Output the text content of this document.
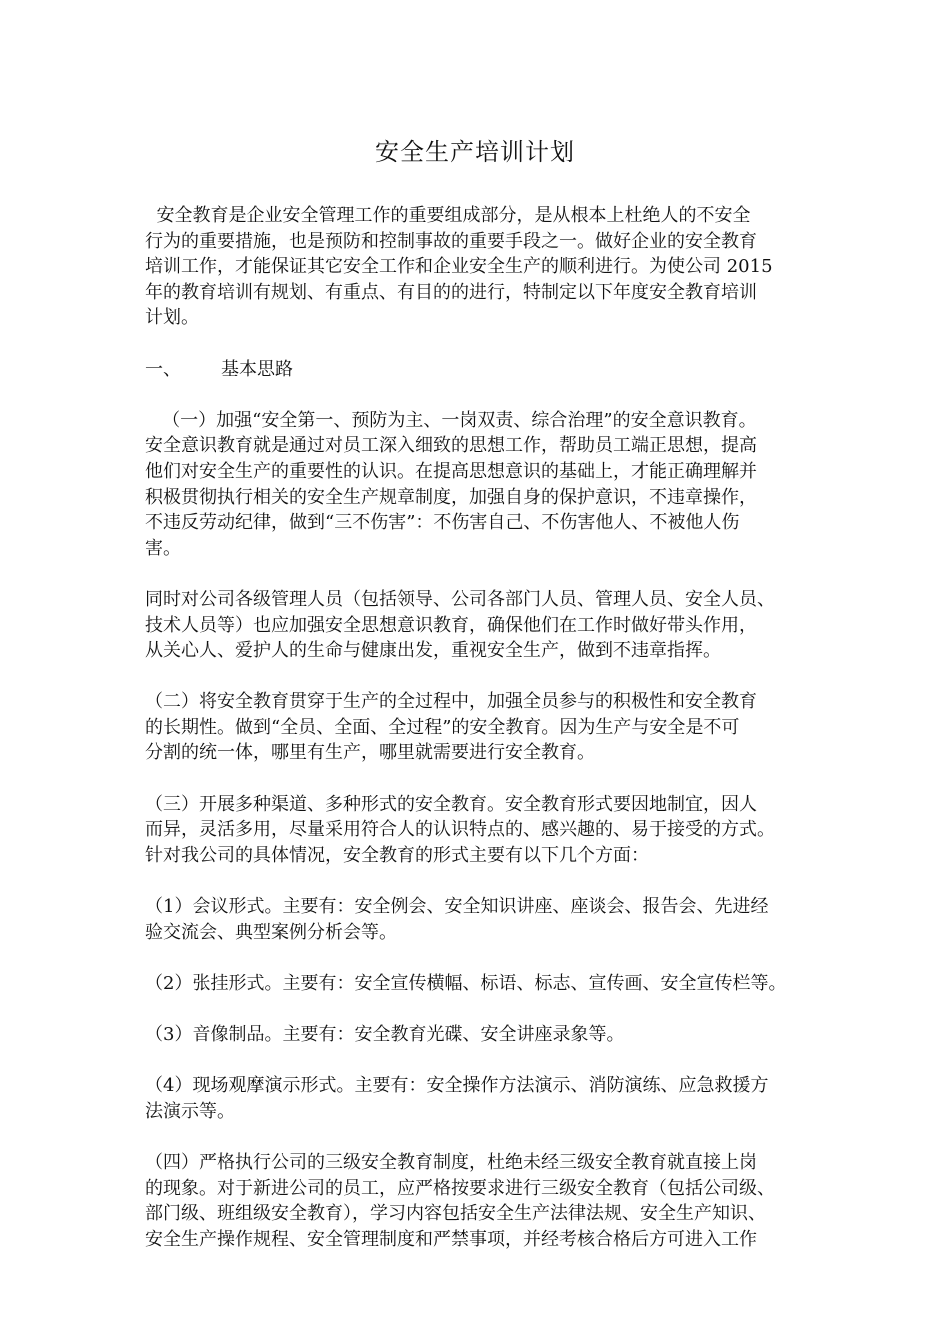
安全生产培训计划

安全教育是企业安全管理工作的重要组成部分，是从根本上杜绝人的不安全

行为的重要措施，也是预防和控制事故的重要手段之一。做好企业的安全教育

培训工作，才能保证其它安全工作和企业安全生产的顺利进行。为使公司 2015

年的教育培训有规划、有重点、有目的的进行，特制定以下年度安全教育培训

计划。

一、	基本思路

（一）加强“安全第一、预防为主、一岗双责、综合治理”的安全意识教育。

安全意识教育就是通过对员工深入细致的思想工作，帮助员工端正思想，提高

他们对安全生产的重要性的认识。在提高思想意识的基础上，才能正确理解并

积极贯彻执行相关的安全生产规章制度，加强自身的保护意识，不违章操作，

不违反劳动纪律，做到“三不伤害”：不伤害自己、不伤害他人、不被他人伤

害。

同时对公司各级管理人员（包括领导、公司各部门人员、管理人员、安全人员、

技术人员等）也应加强安全思想意识教育，确保他们在工作时做好带头作用，

从关心人、爱护人的生命与健康出发，重视安全生产，做到不违章指挥。

（二）将安全教育贯穿于生产的全过程中，加强全员参与的积极性和安全教育

的长期性。做到“全员、全面、全过程”的安全教育。因为生产与安全是不可

分割的统一体，哪里有生产，哪里就需要进行安全教育。

（三）开展多种渠道、多种形式的安全教育。安全教育形式要因地制宜，因人

而异，灵活多用，尽量采用符合人的认识特点的、感兴趣的、易于接受的方式。

针对我公司的具体情况，安全教育的形式主要有以下几个方面：

（1）会议形式。主要有：安全例会、安全知识讲座、座谈会、报告会、先进经

验交流会、典型案例分析会等。

（2）张挂形式。主要有：安全宣传横幅、标语、标志、宣传画、安全宣传栏等。

（3）音像制品。主要有：安全教育光碟、安全讲座录象等。

（4）现场观摩演示形式。主要有：安全操作方法演示、消防演练、应急救援方

法演示等。

（四）严格执行公司的三级安全教育制度，杜绝未经三级安全教育就直接上岗

的现象。对于新进公司的员工，应严格按要求进行三级安全教育（包括公司级、

部门级、班组级安全教育），学习内容包括安全生产法律法规、安全生产知识、

安全生产操作规程、安全管理制度和严禁事项，并经考核合格后方可进入工作
